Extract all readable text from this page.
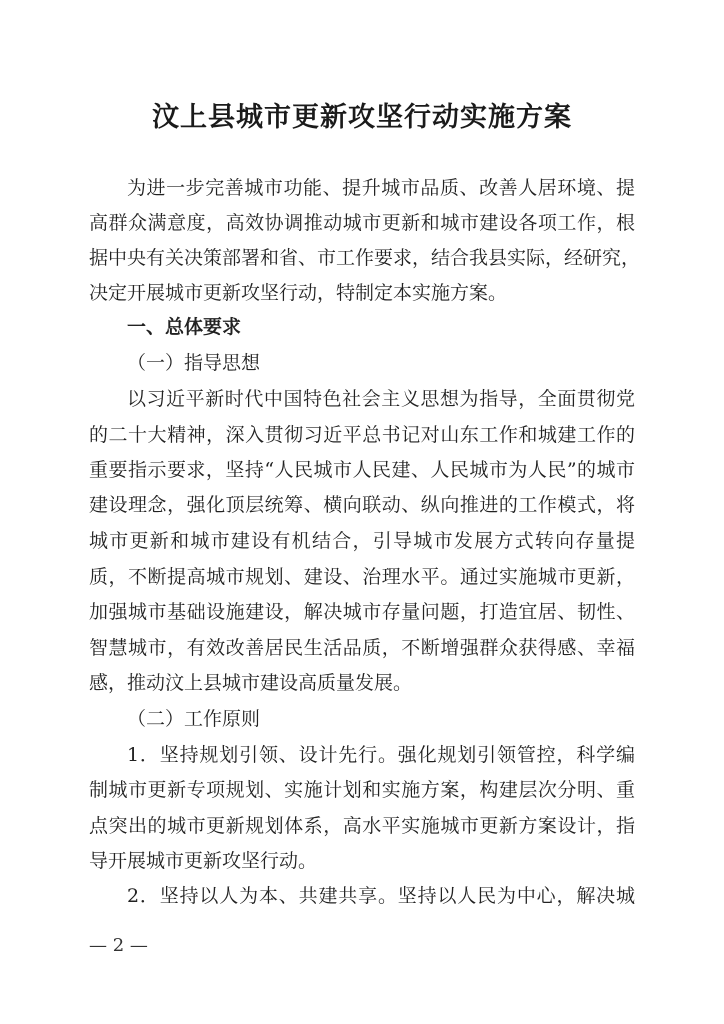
汶上县城市更新攻坚行动实施方案

为进一步完善城市功能、提升城市品质、改善人居环境、提

高群众满意度，高效协调推动城市更新和城市建设各项工作，根

据中央有关决策部署和省、市工作要求，结合我县实际，经研究，

决定开展城市更新攻坚行动，特制定本实施方案。

一、总体要求

（一）指导思想

以习近平新时代中国特色社会主义思想为指导，全面贯彻党

的二十大精神，深入贯彻习近平总书记对山东工作和城建工作的

重要指示要求，坚持“人民城市人民建、人民城市为人民”的城市

建设理念，强化顶层统筹、横向联动、纵向推进的工作模式，将

城市更新和城市建设有机结合，引导城市发展方式转向存量提

质，不断提高城市规划、建设、治理水平。通过实施城市更新，

加强城市基础设施建设，解决城市存量问题，打造宜居、韧性、

智慧城市，有效改善居民生活品质，不断增强群众获得感、幸福

感，推动汶上县城市建设高质量发展。

（二）工作原则

1．坚持规划引领、设计先行。强化规划引领管控，科学编

制城市更新专项规划、实施计划和实施方案，构建层次分明、重

点突出的城市更新规划体系，高水平实施城市更新方案设计，指

导开展城市更新攻坚行动。

2．坚持以人为本、共建共享。坚持以人民为中心，解决城

— 2 —
